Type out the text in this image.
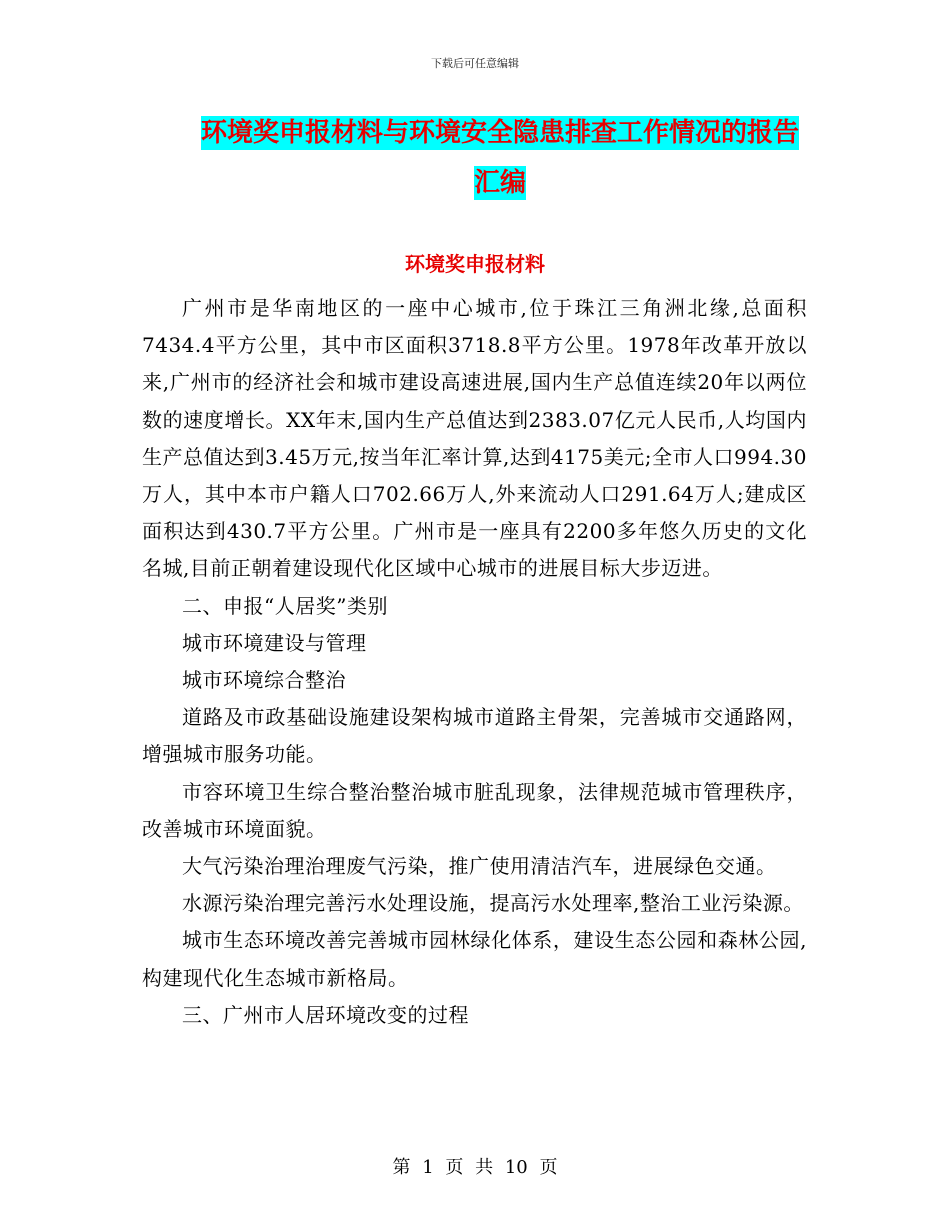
下载后可任意编辑
环境奖申报材料与环境安全隐患排查工作情况的报告
汇编
环境奖申报材料

广州市是华南地区的一座中心城市,位于珠江三角洲北缘,总面积7434.4平方公里，其中市区面积3718.8平方公里。1978年改革开放以来,广州市的经济社会和城市建设高速进展,国内生产总值连续20年以两位数的速度增长。XX年末,国内生产总值达到2383.07亿元人民币,人均国内生产总值达到3.45万元,按当年汇率计算,达到4175美元;全市人口994.30万人，其中本市户籍人口702.66万人,外来流动人口291.64万人;建成区面积达到430.7平方公里。广州市是一座具有2200多年悠久历史的文化名城,目前正朝着建设现代化区域中心城市的进展目标大步迈进。

二、申报“人居奖”类别

城市环境建设与管理

城市环境综合整治

道路及市政基础设施建设架构城市道路主骨架，完善城市交通路网，增强城市服务功能。

市容环境卫生综合整治整治城市脏乱现象，法律规范城市管理秩序，改善城市环境面貌。

大气污染治理治理废气污染，推广使用清洁汽车，进展绿色交通。

水源污染治理完善污水处理设施，提高污水处理率,整治工业污染源。

城市生态环境改善完善城市园林绿化体系，建设生态公园和森林公园,构建现代化生态城市新格局。

三、广州市人居环境改变的过程

第 1 页 共 10 页
